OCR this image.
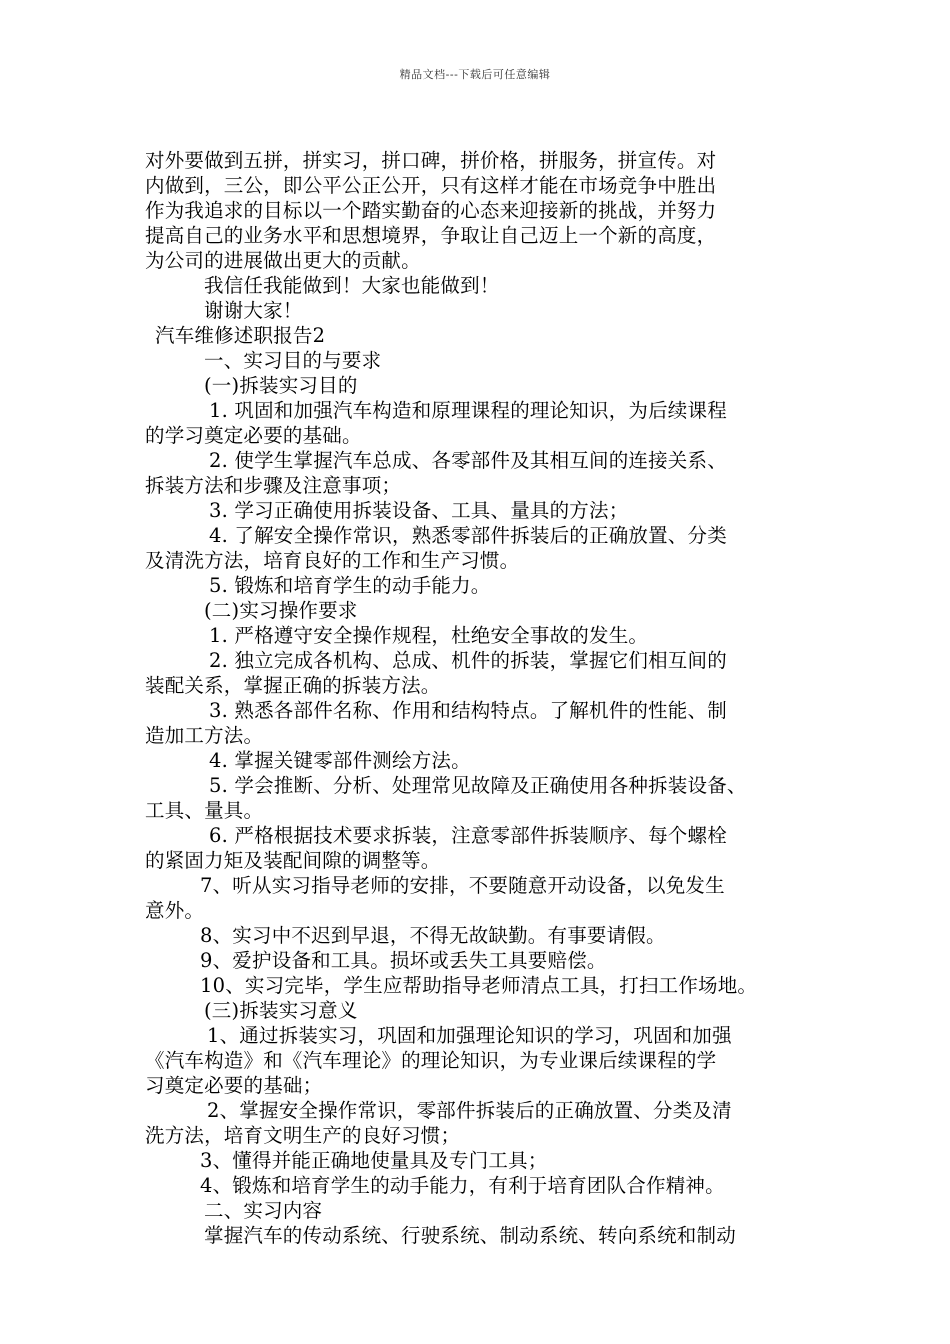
精品文档---下载后可任意编辑
对外要做到五拼，拼实习，拼口碑，拼价格，拼服务，拼宣传。对
内做到，三公，即公平公正公开，只有这样才能在市场竞争中胜出
作为我追求的目标以一个踏实勤奋的心态来迎接新的挑战，并努力
提高自己的业务水平和思想境界，争取让自己迈上一个新的高度，
为公司的进展做出更大的贡献。
我信任我能做到！大家也能做到！
谢谢大家！
汽车维修述职报告2
一、实习目的与要求
(一)拆装实习目的
1. 巩固和加强汽车构造和原理课程的理论知识，为后续课程
的学习奠定必要的基础。
2. 使学生掌握汽车总成、各零部件及其相互间的连接关系、
拆装方法和步骤及注意事项；
3. 学习正确使用拆装设备、工具、量具的方法；
4. 了解安全操作常识，熟悉零部件拆装后的正确放置、分类
及清洗方法，培育良好的工作和生产习惯。
5. 锻炼和培育学生的动手能力。
(二)实习操作要求
1. 严格遵守安全操作规程，杜绝安全事故的发生。
2. 独立完成各机构、总成、机件的拆装，掌握它们相互间的
装配关系，掌握正确的拆装方法。
3. 熟悉各部件名称、作用和结构特点。了解机件的性能、制
造加工方法。
4. 掌握关键零部件测绘方法。
5. 学会推断、分析、处理常见故障及正确使用各种拆装设备、
工具、量具。
6. 严格根据技术要求拆装，注意零部件拆装顺序、每个螺栓
的紧固力矩及装配间隙的调整等。
7、听从实习指导老师的安排，不要随意开动设备，以免发生
意外。
8、实习中不迟到早退，不得无故缺勤。有事要请假。
9、爱护设备和工具。损坏或丢失工具要赔偿。
10、实习完毕，学生应帮助指导老师清点工具，打扫工作场地。
(三)拆装实习意义
1、通过拆装实习，巩固和加强理论知识的学习，巩固和加强
《汽车构造》和《汽车理论》的理论知识，为专业课后续课程的学
习奠定必要的基础；
2、掌握安全操作常识，零部件拆装后的正确放置、分类及清
洗方法，培育文明生产的良好习惯；
3、懂得并能正确地使量具及专门工具；
4、锻炼和培育学生的动手能力，有利于培育团队合作精神。
二、实习内容
掌握汽车的传动系统、行驶系统、制动系统、转向系统和制动
